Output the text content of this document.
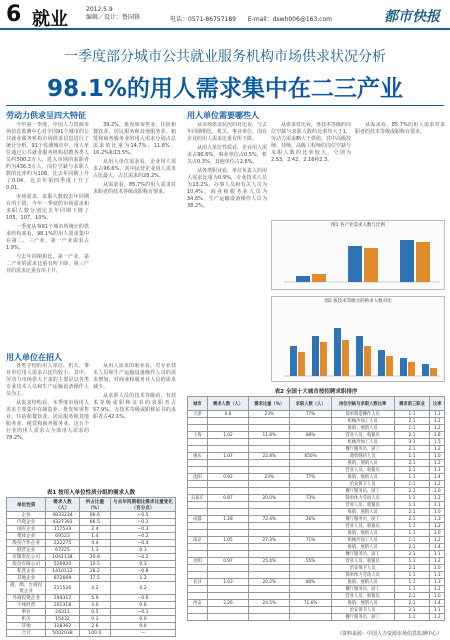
6 就业	2012.5.9
编辑／设计：鲁国锋	电话：0571-86757189 E-mail：dswh006@163.com	都市快报
一季度部分城市公共就业服务机构市场供求状况分析
98.1%的用人需求集中在二三产业
劳动力供求呈四大特征	用人单位需要哪些人
用人单位在招人

今年第一季度，中国人力资源市场信息监测中心对全国91个城市的公共就业服务机构市场供求信息进行了统计分析。91个监测城市中，用人单位通过公共就业服务机构招聘各类人员约500.2万人，进入市场的求职者约为436.3万人，岗位空缺与求职人数的比率约为108，比去年同期上升了0.04，比去年第四季度上升了0.01。

市场需求、求职人数较去年同期有所下降，今年一季度的市场需求和求职人数分别比去年同期下降了105、107、10%。

一季度从事91个城市所统计的供求结构来看，98.1%的用人需求集中在第二、三产业，第一产业需求占1.9%。

与去年同期相比，第一产业、第二产业的需求比重有所下降，第三产业的需求比重有所上升。

39.2%，批发和零售业、住宿和餐饮业、居民服务和其他服务业、租赁和商务服务业的用人需求分别占总需求的比重为14.7%、11.6%、10.2%和13.5%。

从用人单位需求看，企业用人需求占96.6%，其中民营企业用人需求占比最大，占总需求的28.2%。

从需求看，85.7%的用人需求对求职者的技术等级或职称有要求。

各类学校的用人单位，机关、事业单位用人需求占比均较小，其中，劳动力市场供大于求的主要是以各类专业技术人员和生产运输设备操作人员为主。

从需求结构看，本季度市场用人需求主要集中在制造业、批发和零售业、住宿和餐饮业、居民服务和其他服务业、租赁和商务服务业，这五个行业的用人需求占全部用人需求的78.2%。

从用人需求的职业看，对专业技术人员和生产运输设备操作人员的需求增加，对商业和服务业人员的需求减少。

从求职人员的技术等级看，有技术等级或职称证书的求职者占57.9%，无技术等级或职称证书的求职者占42.1%。

从市场供求状况的对比看，与去年同期相比，机关、事业单位、国有企业的用人需求比重有所下降。

从用人单位性质看，企业用人需求占96.6%，事业单位占0.5%，机关占0.3%，其他单位占2.6%。

从各类职业看，单位负责人的用人需求比重为0.9%，专业技术人员为13.2%，办事人员和有关人员为10.4%，商业和服务业人员为34.6%，生产运输设备操作人员为38.2%。

从供求对比看，各技术等级的岗位空缺与求职人数的比率均大于1，劳动力需求略大于供给，其中高级技师、技师、高级工程师的岗位空缺与求职人数的比率较大，分别为2.53、2.42、2.16和2.3。

从需求看，85.7%的用人需求对求职者的技术等级或职称有要求。

图1 各产业需求人数与比例
图2 按技术等级分的供求人数对比
表1 按用人单位性质分组的需求人数
单位性质	需求人数（人）	所占比重（%）	与去年同期相比需求比重变化（百分点）
企业	4833234	96.6	−0.5
内资企业	4327391	86.5	−0.1
国有企业	117533	2.4	−0.3
集体企业	69523	1.4	−0.2
股份合作企业	222275	4.4	−0.4
联营企业	67225	1.3	0.3
有限责任公司	1041134	20.8	−0.2
股份有限公司	526920	10.5	0.3
私营企业	1410112	28.2	−0.8
其他企业	872669	17.5	1.2
港、澳、台商投资企业	211526	4.2	0.2
外商投资企业	294317	5.9	−0.6
个体经营	201318	4.0	0.6
事业	24311	0.5	−0.1
机关	15432	0.3	0.0
其他	128362	2.6	0.0
合计	5002038	100.0	—
表2 全国十大城市按招聘求职排序
城市	需求人数（人）	需求比重（%）	求职人数（人）	岗位空缺与求职人数比率	需求前三职业	比率
天津	0.8	23%	77%	简单制造操作人员	1:1	1.1
				机械冷加工人员	2:1	1.2
				推销、展销人员	1:1	1.2
上海	1.02	11.8%	88%	营业人员、收银员	2:1	1.8
				机械冷加工人员	3:1	1.5
				餐厅服务员、厨工	2:1	1.2
重庆	1.07	22.8%	650%	裁剪缝纫人员	1:1	1.0
				推销、展销人员	2:1	1.2
				营业人员、收银员	2:1	1.1
沈阳	0.92	23%	77%	推销、展销人员	1:1	1.4
				治安保卫人员	1:1	1.2
				餐厅服务员、厨工	2:1	1.0
石家庄	0.87	20.0%	73%	简单体力劳动人员	1:1	1.2
				营业人员、收银员	1:1	1.1
				推销、展销人员	2:1	1.0
成都	1.28	72.4%	26%	餐厅服务员、厨工	2:1	1.3
				营业人员、收银员	1:1	1.2
				推销、展销人员	1:1	1.0
南京	1.05	27.3%	71%	机械冷加工人员	1:1	1.2
				推销、展销人员	2:1	1.4
				餐厅服务员、厨工	2:1	1.1
昆明	0.97	25.4%	55%	营业人员、收银员	1:1	1.2
				治安保卫人员	2:1	1.0
				简单体力劳动人员	1:1	1.1
长沙	1.03	20.2%	80%	推销、展销人员	1:1	1.3
				餐厅服务员、厨工	1:1	1.2
				营业人员、收银员	2:1	1.0
西安	2.26	24.5%	71.6%	推销、展销人员	2:1	1.4
				治安保卫人员	2:1	1.1
				餐厅服务员、厨工	1:1	1.2
（资料来源：中国人力资源市场信息监测中心）
